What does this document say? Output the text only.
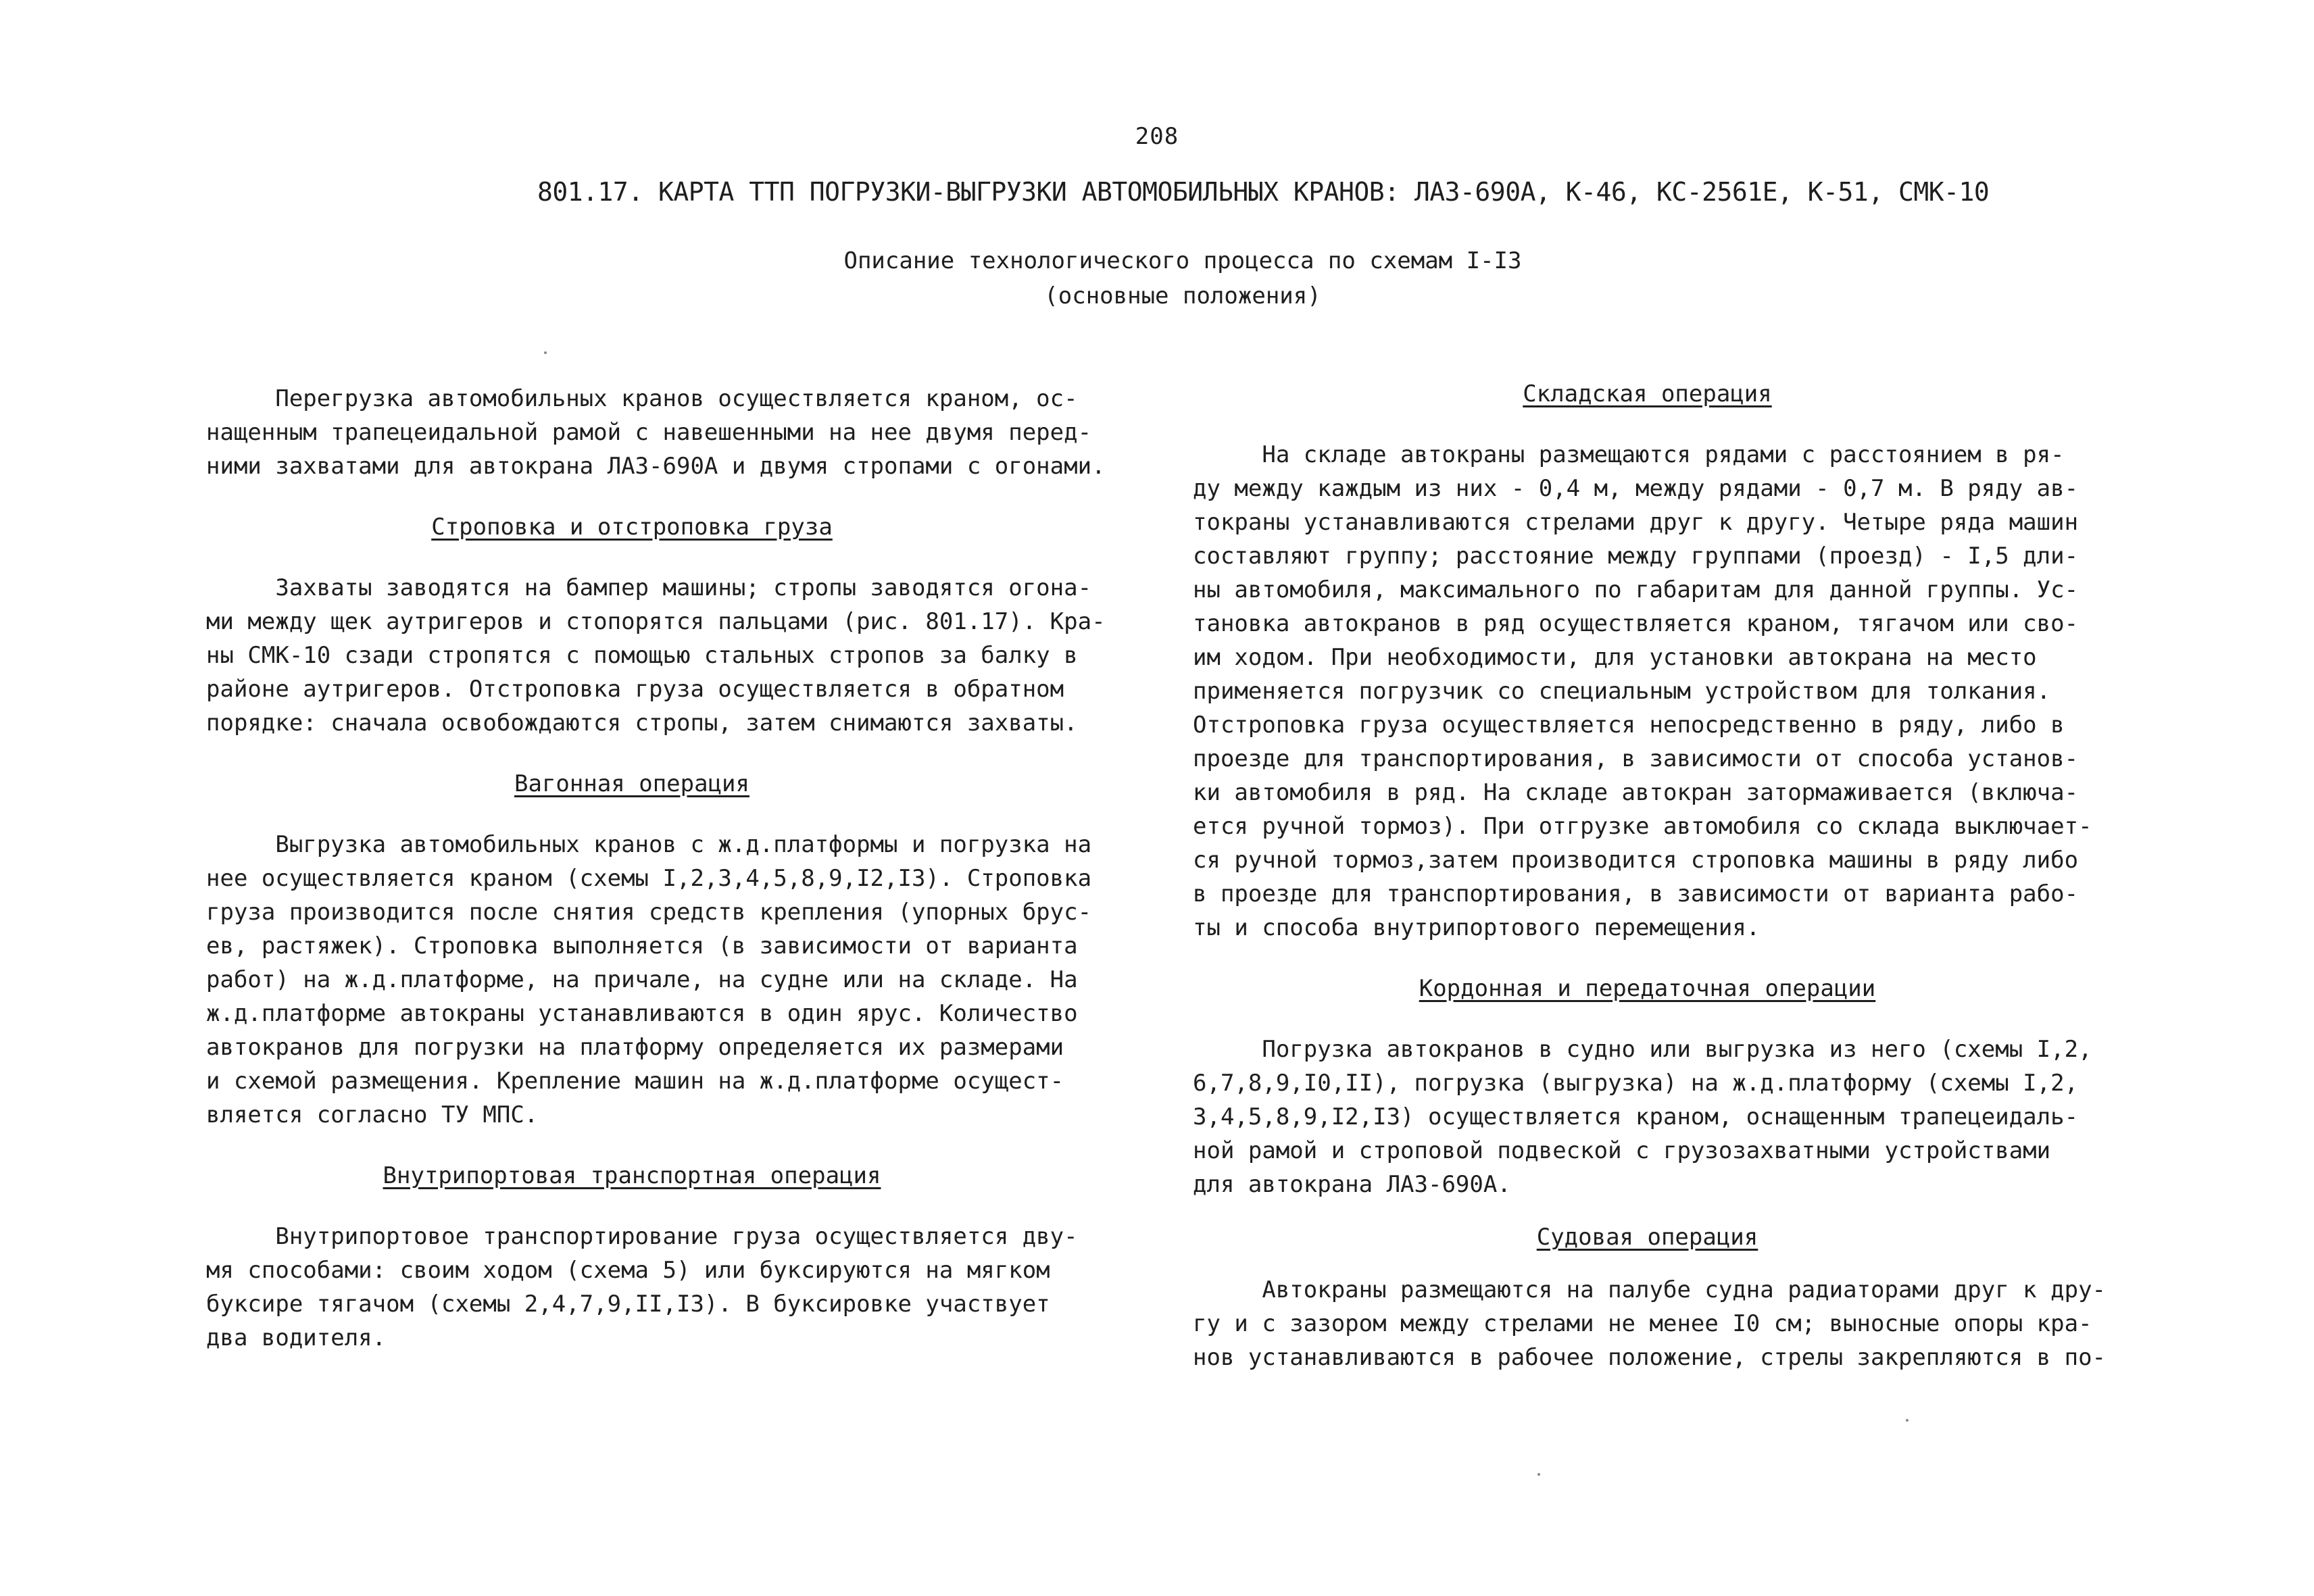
208
801.17. КАРТА ТТП ПОГРУЗКИ-ВЫГРУЗКИ АВТОМОБИЛЬНЫХ КРАНОВ: ЛАЗ-690А, К-46, КС-2561Е, К-51, СМК-10
Описание технологического процесса по схемам I-I3
(основные положения)
Перегрузка автомобильных кранов осуществляется краном, ос-
нащенным трапецеидальной рамой с навешенными на нее двумя перед-
ними захватами для автокрана ЛАЗ-690А и двумя стропами с огонами.
Строповка и отстроповка груза
Захваты заводятся на бампер машины; стропы заводятся огона-
ми между щек аутригеров и стопорятся пальцами (рис. 801.17). Кра-
ны СМК-10 сзади стропятся с помощью стальных стропов за балку в
районе аутригеров. Отстроповка груза осуществляется в обратном
порядке: сначала освобождаются стропы, затем снимаются захваты.
Вагонная операция
Выгрузка автомобильных кранов с ж.д.платформы и погрузка на
нее осуществляется краном (схемы I,2,3,4,5,8,9,I2,I3). Строповка
груза производится после снятия средств крепления (упорных брус-
ев, растяжек). Строповка выполняется (в зависимости от варианта
работ) на ж.д.платформе, на причале, на судне или на складе. На
ж.д.платформе автокраны устанавливаются в один ярус. Количество
автокранов для погрузки на платформу определяется их размерами
и схемой размещения. Крепление машин на ж.д.платформе осущест-
вляется согласно ТУ МПС.
Внутрипортовая транспортная операция
Внутрипортовое транспортирование груза осуществляется дву-
мя способами: своим ходом (схема 5) или буксируются на мягком
буксире тягачом (схемы 2,4,7,9,II,I3). В буксировке участвует
два водителя.
Складская операция
На складе автокраны размещаются рядами с расстоянием в ря-
ду между каждым из них - 0,4 м, между рядами - 0,7 м. В ряду ав-
токраны устанавливаются стрелами друг к другу. Четыре ряда машин
составляют группу; расстояние между группами (проезд) - I,5 дли-
ны автомобиля, максимального по габаритам для данной группы. Ус-
тановка автокранов в ряд осуществляется краном, тягачом или сво-
им ходом. При необходимости, для установки автокрана на место
применяется погрузчик со специальным устройством для толкания.
Отстроповка груза осуществляется непосредственно в ряду, либо в
проезде для транспортирования, в зависимости от способа установ-
ки автомобиля в ряд. На складе автокран затормаживается (включа-
ется ручной тормоз). При отгрузке автомобиля со склада выключает-
ся ручной тормоз,затем производится строповка машины в ряду либо
в проезде для транспортирования, в зависимости от варианта рабо-
ты и способа внутрипортового перемещения.
Кордонная и передаточная операции
Погрузка автокранов в судно или выгрузка из него (схемы I,2,
6,7,8,9,I0,II), погрузка (выгрузка) на ж.д.платформу (схемы I,2,
3,4,5,8,9,I2,I3) осуществляется краном, оснащенным трапецеидаль-
ной рамой и строповой подвеской с грузозахватными устройствами
для автокрана ЛАЗ-690А.
Судовая операция
Автокраны размещаются на палубе судна радиаторами друг к дру-
гу и с зазором между стрелами не менее I0 см; выносные опоры кра-
нов устанавливаются в рабочее положение, стрелы закрепляются в по-
